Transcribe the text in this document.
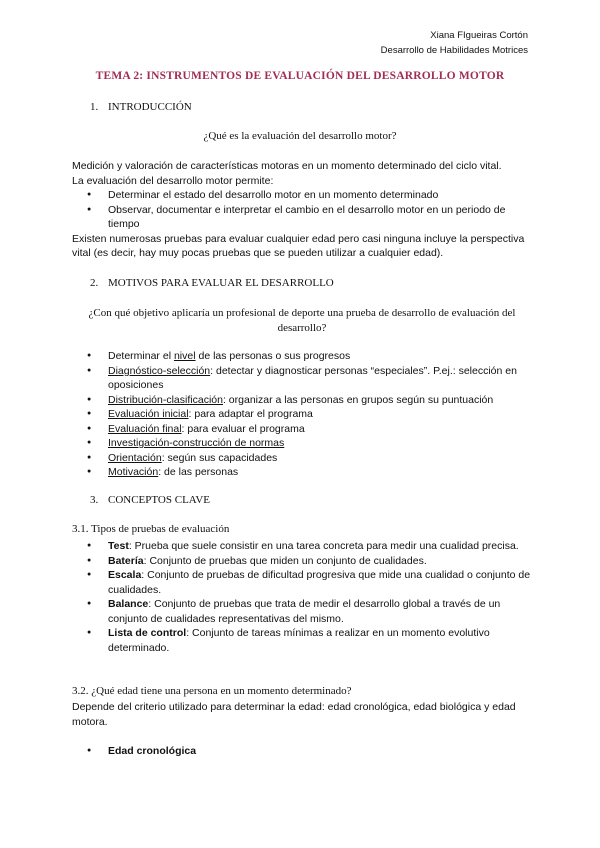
Xiana FIgueiras Cortón
Desarrollo de Habilidades Motrices
TEMA 2: INSTRUMENTOS DE EVALUACIÓN DEL DESARROLLO MOTOR
1. INTRODUCCIÓN
¿Qué es la evaluación del desarrollo motor?
Medición y valoración de características motoras en un momento determinado del ciclo vital.
La evaluación del desarrollo motor permite:
● Determinar el estado del desarrollo motor en un momento determinado
● Observar, documentar e interpretar el cambio en el desarrollo motor en un periodo de tiempo
Existen numerosas pruebas para evaluar cualquier edad pero casi ninguna incluye la perspectiva vital (es decir, hay muy pocas pruebas que se pueden utilizar a cualquier edad).
2. MOTIVOS PARA EVALUAR EL DESARROLLO
¿Con qué objetivo aplicaría un profesional de deporte una prueba de desarrollo de evaluación del desarrollo?
● Determinar el nivel de las personas o sus progresos
● Diagnóstico-selección: detectar y diagnosticar personas “especiales”. P.ej.: selección en oposiciones
● Distribución-clasificación: organizar a las personas en grupos según su puntuación
● Evaluación inicial: para adaptar el programa
● Evaluación final: para evaluar el programa
● Investigación-construcción de normas
● Orientación: según sus capacidades
● Motivación: de las personas
3. CONCEPTOS CLAVE
3.1. Tipos de pruebas de evaluación
● Test: Prueba que suele consistir en una tarea concreta para medir una cualidad precisa.
● Batería: Conjunto de pruebas que miden un conjunto de cualidades.
● Escala: Conjunto de pruebas de dificultad progresiva que mide una cualidad o conjunto de cualidades.
● Balance: Conjunto de pruebas que trata de medir el desarrollo global a través de un conjunto de cualidades representativas del mismo.
● Lista de control: Conjunto de tareas mínimas a realizar en un momento evolutivo determinado.
3.2. ¿Qué edad tiene una persona en un momento determinado?
Depende del criterio utilizado para determinar la edad: edad cronológica, edad biológica y edad motora.
● Edad cronológica
